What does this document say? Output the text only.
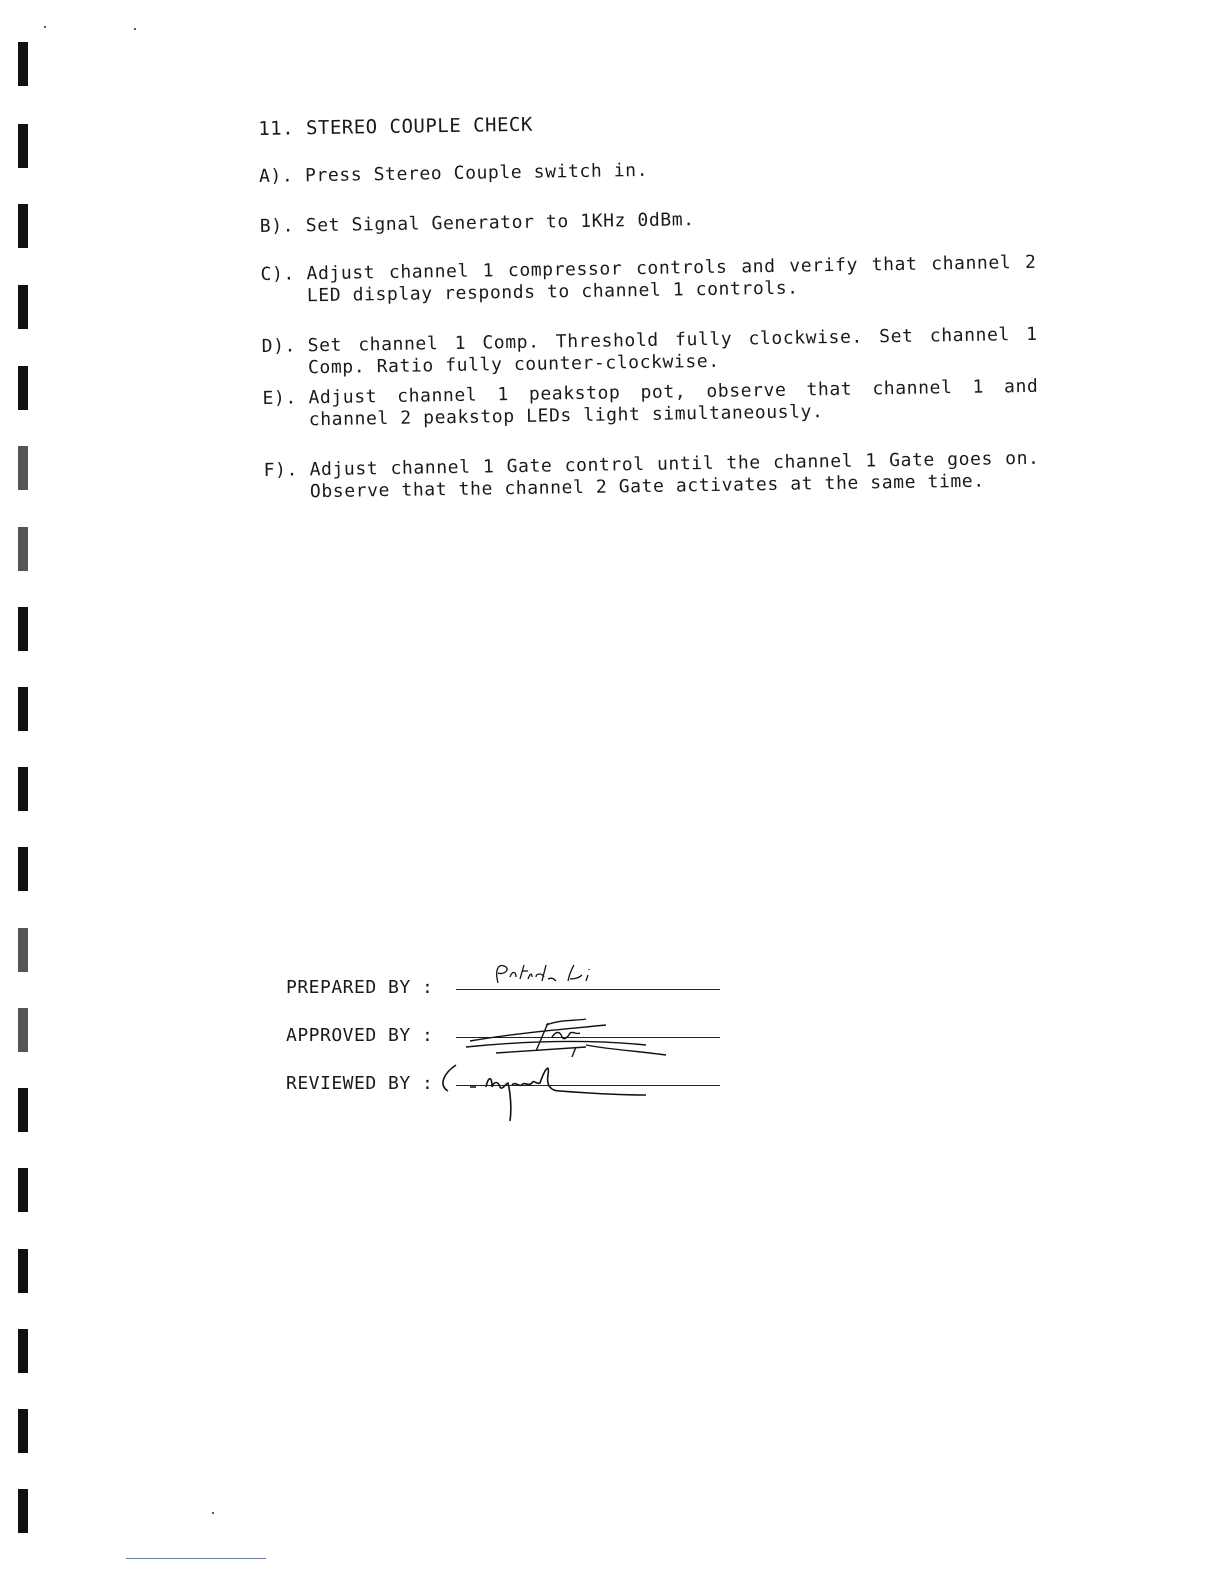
11. STEREO COUPLE CHECK
A). Press Stereo Couple switch in.
B). Set Signal Generator to 1KHz 0dBm.
C). Adjust channel 1 compressor controls and verify that channel 2 LED display responds to channel 1 controls.
D). Set channel 1 Comp. Threshold fully clockwise. Set channel 1 Comp. Ratio fully counter-clockwise.
E). Adjust channel 1 peakstop pot, observe that channel 1 and channel 2 peakstop LEDs light simultaneously.
F). Adjust channel 1 Gate control until the channel 1 Gate goes on. Observe that the channel 2 Gate activates at the same time.
PREPARED BY :
APPROVED BY :
REVIEWED BY :
